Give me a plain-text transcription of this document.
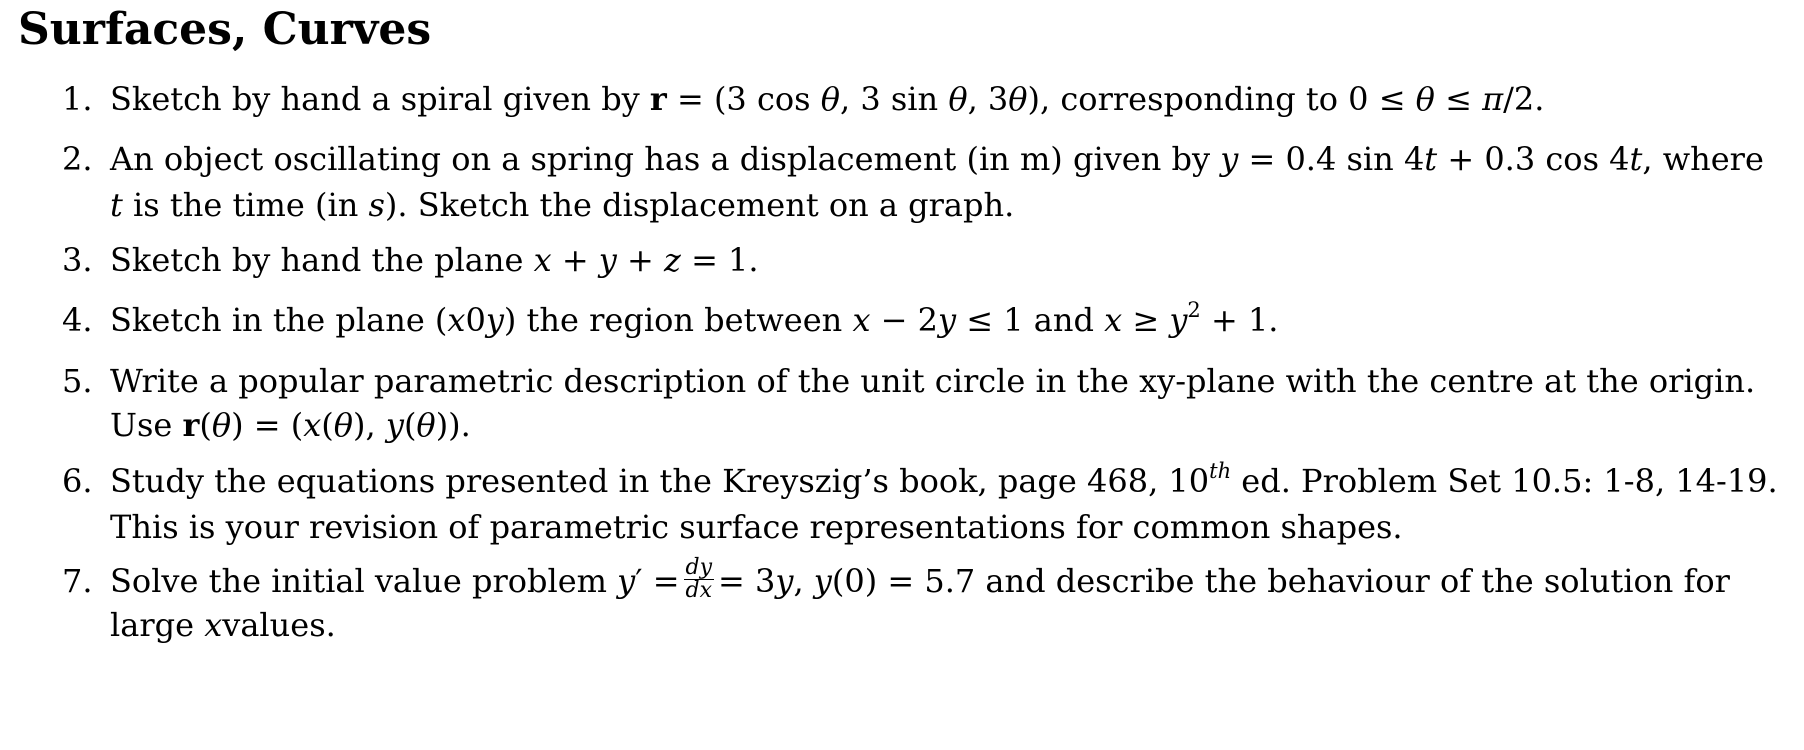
Surfaces, Curves
1. Sketch by hand a spiral given by r = (3 cos θ, 3 sin θ, 3θ), corresponding to 0 ≤ θ ≤ π/2.
2. An object oscillating on a spring has a displacement (in m) given by y = 0.4 sin 4t + 0.3 cos 4t, where
t is the time (in s). Sketch the displacement on a graph.
3. Sketch by hand the plane x + y + z = 1.
4. Sketch in the plane (x0y) the region between x − 2y ≤ 1 and $x \ge y^2 + 1$.
5. Write a popular parametric description of the unit circle in the xy-plane with the centre at the origin.
Use r(θ) = (x(θ), y(θ)).
6. Study the equations presented in the Kreyszig’s book, page 468, 10th ed. Problem Set 10.5: 1-8, 14-19.
This is your revision of parametric surface representations for common shapes.
7. Solve the initial value problem $y' = \frac{dy}{dx} = 3y$, y(0) = 5.7 and describe the behaviour of the solution for
large xvalues.
